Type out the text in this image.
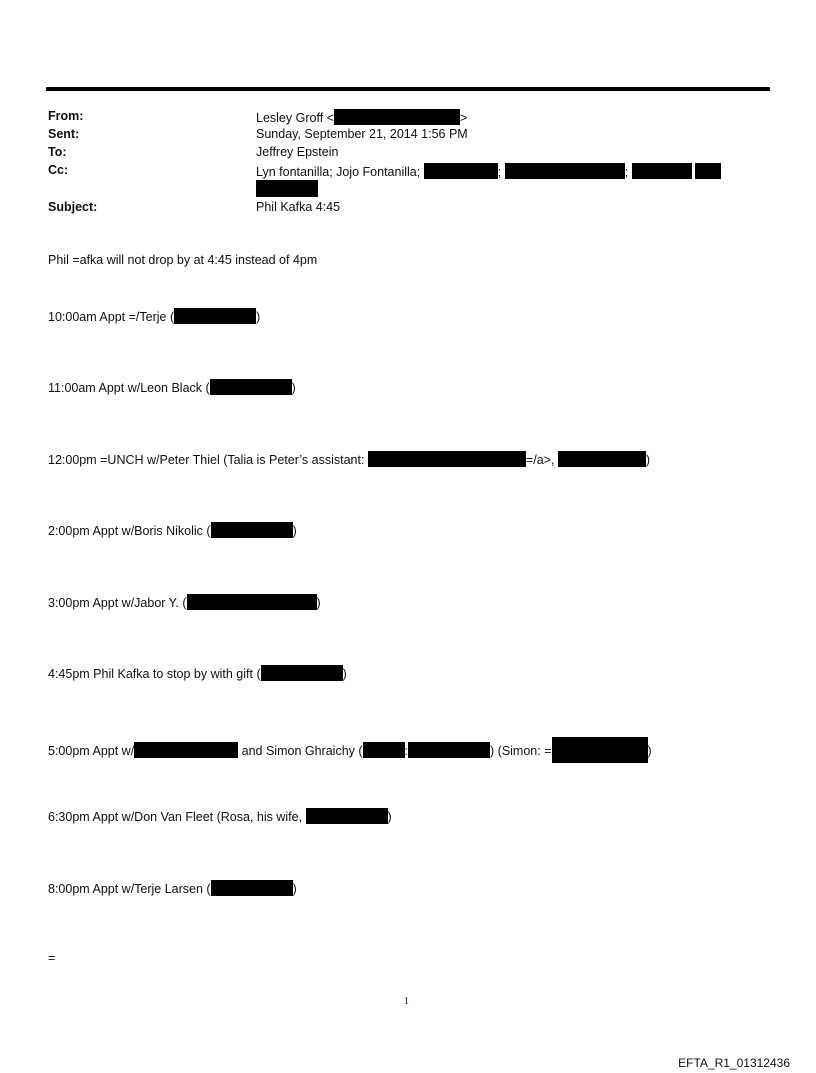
From:	Lesley Groff <	>
Sent:	Sunday, September 21, 2014 1:56 PM
To:	Jeffrey Epstein
Cc:	Lyn fontanilla; Jojo Fontanilla;	;	;
Subject:	Phil Kafka 4:45
Phil =afka will not drop by at 4:45 instead of 4pm
10:00am Appt =/Terje (	)
11:00am Appt w/Leon Black (	)
12:00pm =UNCH w/Peter Thiel (Talia is Peter’s assistant:	=/a>,	)
2:00pm Appt w/Boris Nikolic (	)
3:00pm Appt w/Jabor Y. (	)
4:45pm Phil Kafka to stop by with gift (	)
5:00pm Appt w/	and Simon Ghraichy (	:	) (Simon: =	)
6:30pm Appt w/Don Van Fleet (Rosa, his wife,	)
8:00pm Appt w/Terje Larsen (	)
=
1
EFTA_R1_01312436
